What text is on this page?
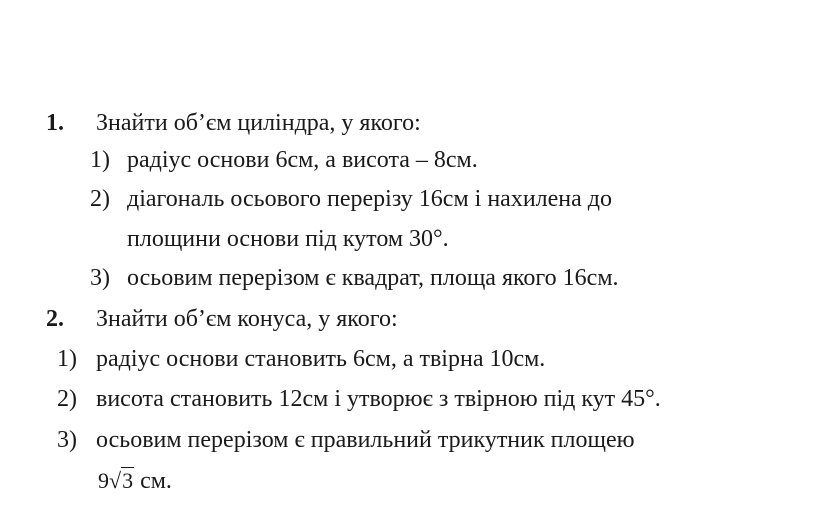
1. Знайти об’єм циліндра, у якого:
1) радіус основи 6см, а висота – 8см.
2) діагональ осьового перерізу 16см і нахилена до
площини основи під кутом 30°.
3) осьовим перерізом є квадрат, площа якого 16см.
2. Знайти об’єм конуса, у якого:
1) радіус основи становить 6см, а твірна 10см.
2) висота становить 12см і утворює з твірною під кут 45°.
3) осьовим перерізом є правильний трикутник площею
9√3 см.
